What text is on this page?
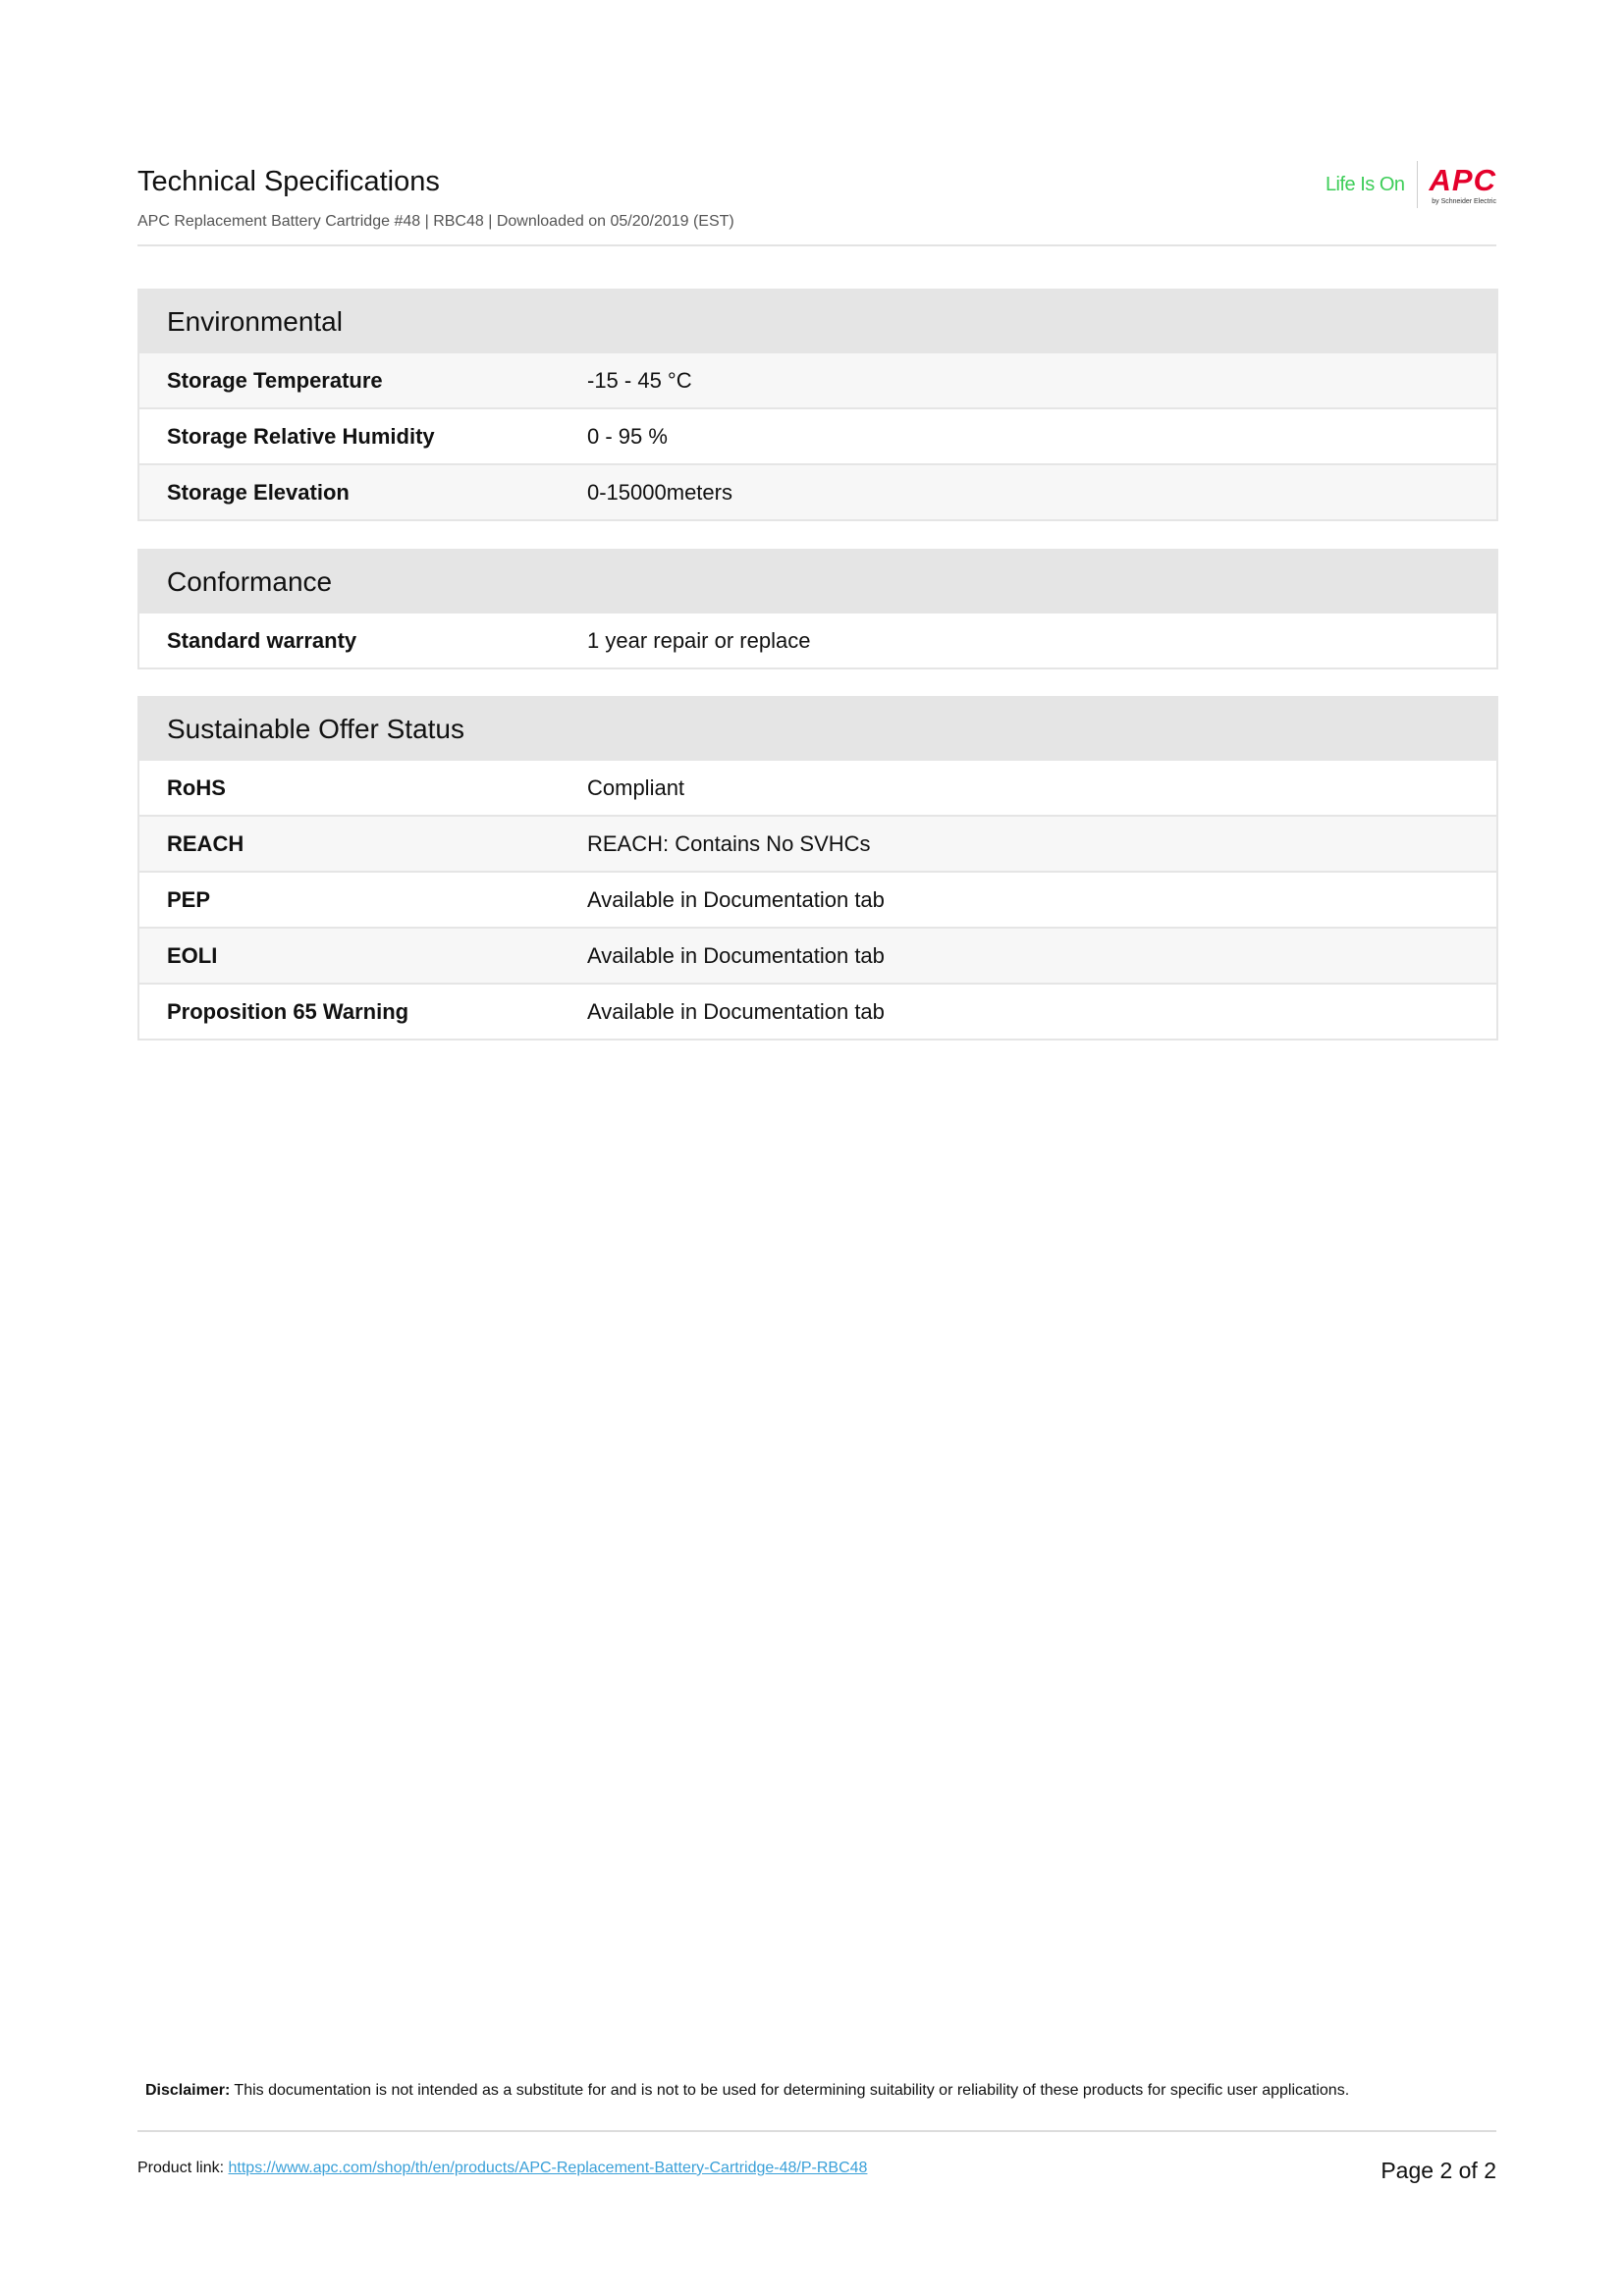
Technical Specifications
APC Replacement Battery Cartridge #48 | RBC48 | Downloaded on 05/20/2019 (EST)
Life Is On APC
by Schneider Electric
Environmental
Storage Temperature	-15 - 45 °C
Storage Relative Humidity	0 - 95 %
Storage Elevation	0-15000meters
Conformance
Standard warranty	1 year repair or replace
Sustainable Offer Status
RoHS	Compliant
REACH	REACH: Contains No SVHCs
PEP	Available in Documentation tab
EOLI	Available in Documentation tab
Proposition 65 Warning	Available in Documentation tab
Disclaimer: This documentation is not intended as a substitute for and is not to be used for determining suitability or reliability of these products for specific user applications.
Product link: https://www.apc.com/shop/th/en/products/APC-Replacement-Battery-Cartridge-48/P-RBC48	Page 2 of 2
